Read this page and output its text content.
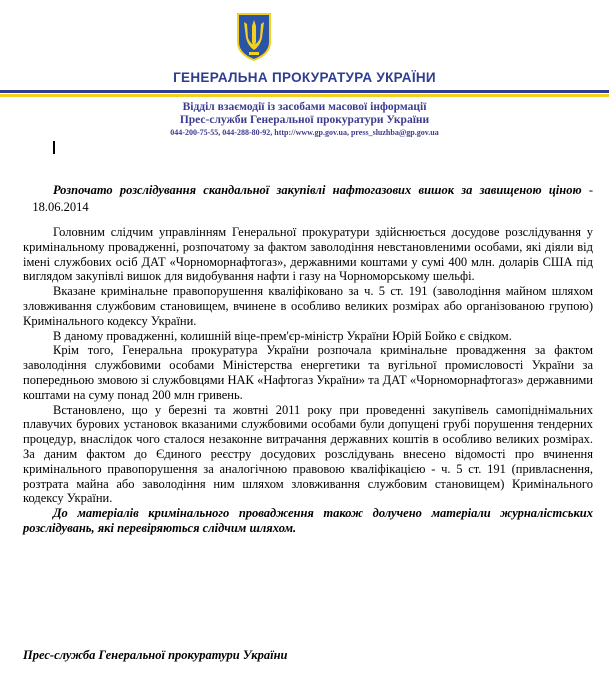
ГЕНЕРАЛЬНА ПРОКУРАТУРА УКРАЇНИ
Відділ взаємодії із засобами масової інформації
Прес-служби Генеральної прокуратури України
044-200-75-55, 044-288-80-92, http://www.gp.gov.ua, press_sluzhba@gp.gov.ua

Розпочато розслідування скандальної закупівлі нафтогазових вишок за завищеною ціною -   18.06.2014

Головним слідчим управлінням Генеральної прокуратури здійснюється досудове розслідування у кримінальному провадженні, розпочатому за фактом заволодіння невстановленими особами, які діяли від імені службових осіб ДАТ «Чорноморнафтогаз», державними коштами у сумі 400 млн. доларів США під виглядом закупівлі вишок для видобування нафти і газу на Чорноморському шельфі.

Вказане кримінальне правопорушення кваліфіковано за ч. 5 ст. 191 (заволодіння майном шляхом зловживання службовим становищем, вчинене в особливо великих розмірах або організованою групою) Кримінального кодексу України.

В даному провадженні, колишній віце-прем'єр-міністр України Юрій Бойко є свідком.

Крім того, Генеральна прокуратура України розпочала кримінальне провадження за фактом заволодіння службовими особами Міністерства енергетики та вугільної промисловості України за попередньою змовою зі службовцями НАК «Нафтогаз України» та ДАТ «Чорноморнафтогаз» державними коштами на суму понад 200 млн гривень.

Встановлено, що у березні та жовтні 2011 року при проведенні закупівель самопіднімальних плавучих бурових установок вказаними службовими особами були допущені грубі порушення тендерних процедур, внаслідок чого сталося незаконне витрачання державних коштів в особливо великих розмірах. За даним фактом до Єдиного реєстру досудових розслідувань внесено відомості про вчинення кримінального правопорушення за аналогічною правовою кваліфікацією - ч. 5 ст. 191 (привласнення, розтрата майна або заволодіння ним шляхом зловживання службовим становищем) Кримінального кодексу України.

До матеріалів кримінального провадження також долучено матеріали журналістських розслідувань, які перевіряються слідчим шляхом.

Прес-служба Генеральної прокуратури України
